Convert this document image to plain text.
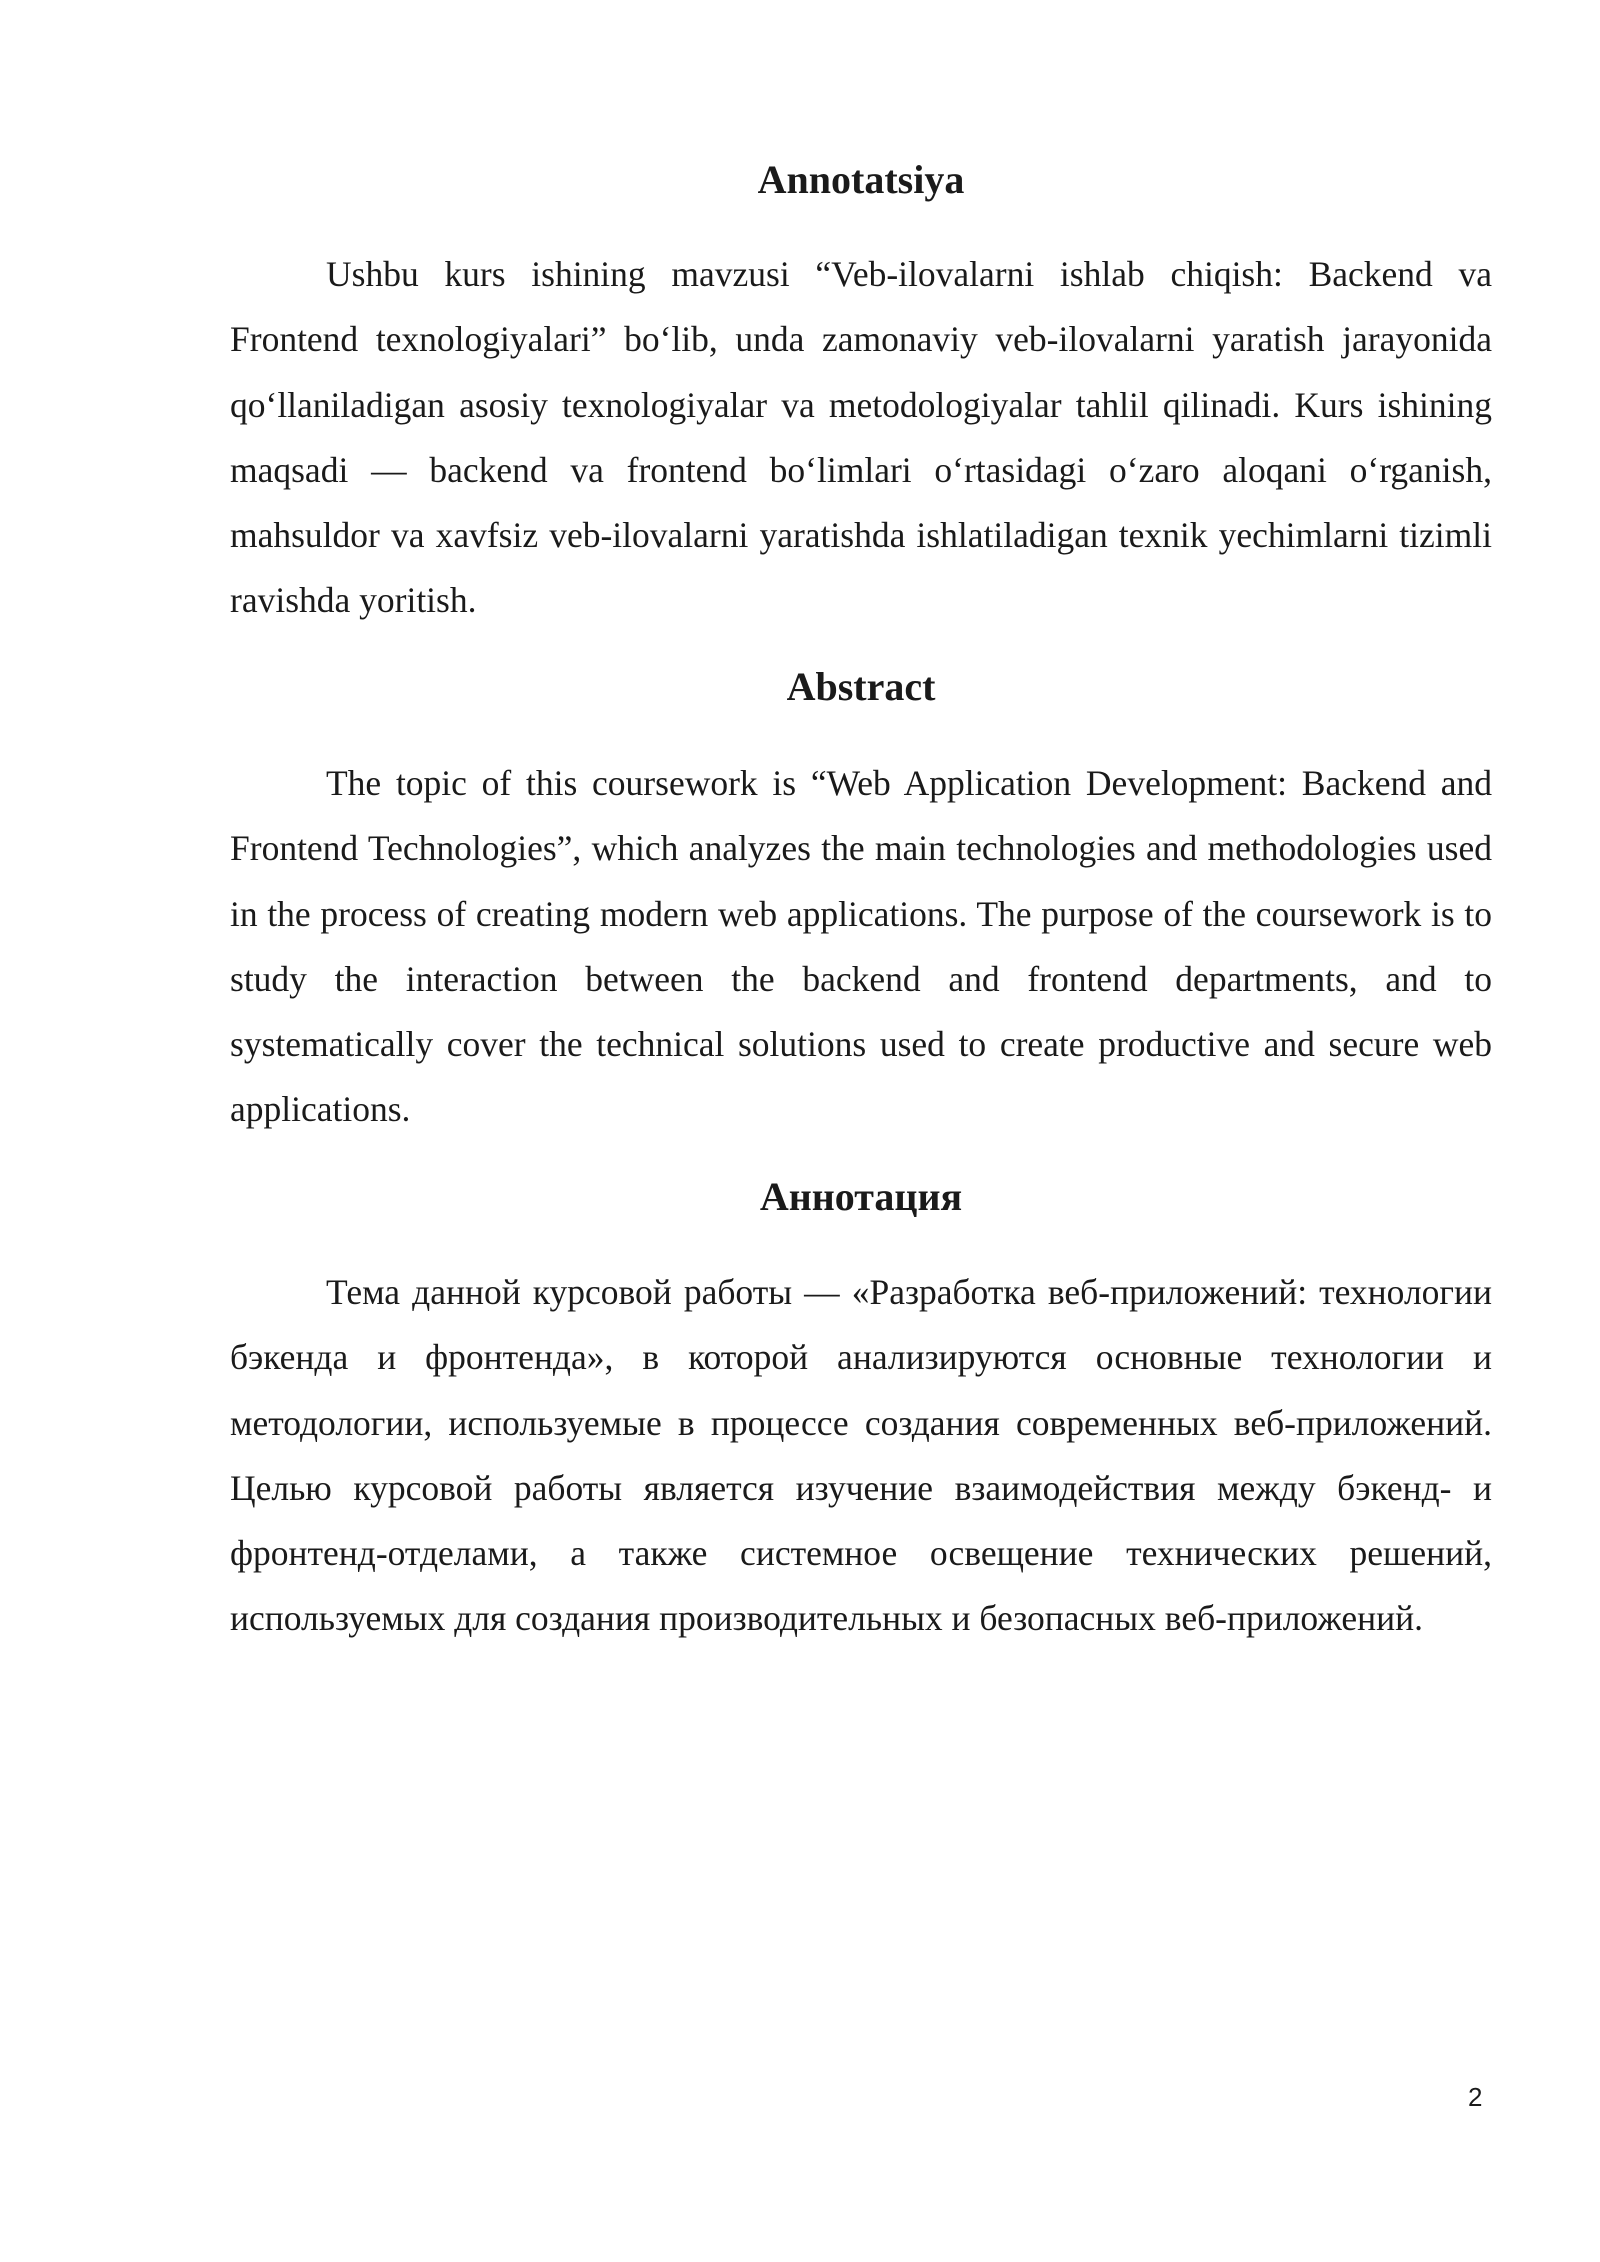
Annotatsiya

Ushbu kurs ishining mavzusi “Veb-ilovalarni ishlab chiqish: Backend va Frontend texnologiyalari” bo‘lib, unda zamonaviy veb-ilovalarni yaratish jarayonida qo‘llaniladigan asosiy texnologiyalar va metodologiyalar tahlil qilinadi. Kurs ishining maqsadi — backend va frontend bo‘limlari o‘rtasidagi o‘zaro aloqani o‘rganish, mahsuldor va xavfsiz veb-ilovalarni yaratishda ishlatiladigan texnik yechimlarni tizimli ravishda yoritish.

Abstract

The topic of this coursework is “Web Application Development: Backend and Frontend Technologies”, which analyzes the main technologies and methodologies used in the process of creating modern web applications. The purpose of the coursework is to study the interaction between the backend and frontend departments, and to systematically cover the technical solutions used to create productive and secure web applications.

Аннотация

Тема данной курсовой работы — «Разработка веб-приложений: технологии бэкенда и фронтенда», в которой анализируются основные технологии и методологии, используемые в процессе создания современных веб-приложений. Целью курсовой работы является изучение взаимодействия между бэкенд- и фронтенд-отделами, а также системное освещение технических решений, используемых для создания производительных и безопасных веб-приложений.

2
